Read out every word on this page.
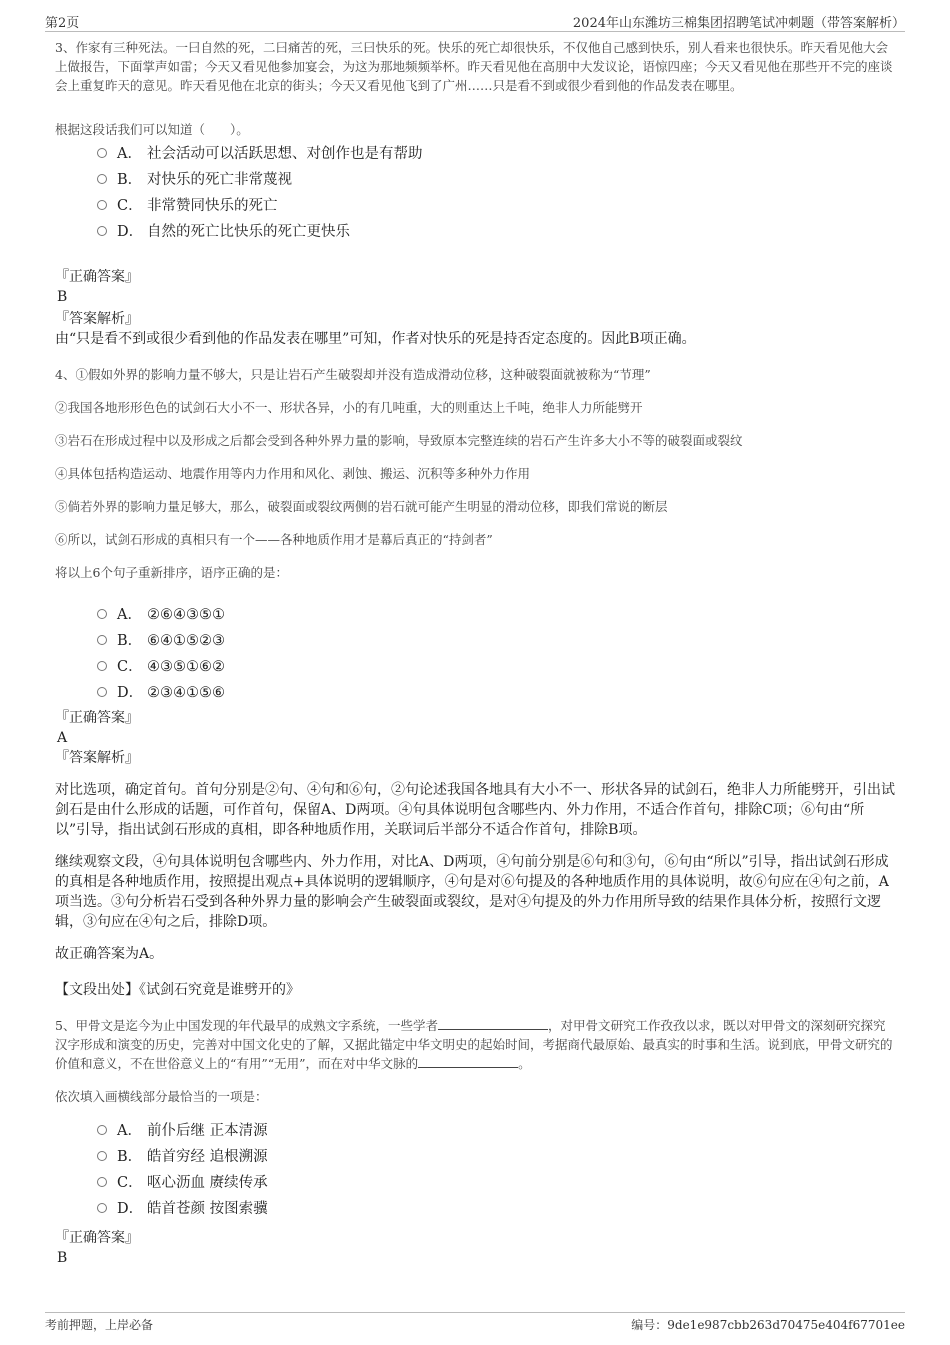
第2页	2024年山东潍坊三棉集团招聘笔试冲刺题（带答案解析）

3、作家有三种死法。一曰自然的死，二曰痛苦的死，三曰快乐的死。快乐的死亡却很快乐，不仅他自己感到快乐，别人看来也很快乐。昨天看见他大会上做报告，下面掌声如雷；今天又看见他参加宴会，为这为那地频频举杯。昨天看见他在高朋中大发议论，语惊四座；今天又看见他在那些开不完的座谈会上重复昨天的意见。昨天看见他在北京的街头；今天又看见他飞到了广州……只是看不到或很少看到他的作品发表在哪里。

根据这段话我们可以知道（　　）。

A． 社会活动可以活跃思想、对创作也是有帮助
B． 对快乐的死亡非常蔑视
C． 非常赞同快乐的死亡
D． 自然的死亡比快乐的死亡更快乐

『正确答案』

B

『答案解析』

由“只是看不到或很少看到他的作品发表在哪里”可知，作者对快乐的死是持否定态度的。因此B项正确。

4、①假如外界的影响力量不够大，只是让岩石产生破裂却并没有造成滑动位移，这种破裂面就被称为“节理”

②我国各地形形色色的试剑石大小不一、形状各异，小的有几吨重，大的则重达上千吨，绝非人力所能劈开

③岩石在形成过程中以及形成之后都会受到各种外界力量的影响，导致原本完整连续的岩石产生许多大小不等的破裂面或裂纹

④具体包括构造运动、地震作用等内力作用和风化、剥蚀、搬运、沉积等多种外力作用

⑤倘若外界的影响力量足够大，那么，破裂面或裂纹两侧的岩石就可能产生明显的滑动位移，即我们常说的断层

⑥所以，试剑石形成的真相只有一个——各种地质作用才是幕后真正的“持剑者”

将以上6个句子重新排序，语序正确的是：

A． ②⑥④③⑤①
B． ⑥④①⑤②③
C． ④③⑤①⑥②
D． ②③④①⑤⑥

『正确答案』

A

『答案解析』

对比选项，确定首句。首句分别是②句、④句和⑥句，②句论述我国各地具有大小不一、形状各异的试剑石，绝非人力所能劈开，引出试剑石是由什么形成的话题，可作首句，保留A、D两项。④句具体说明包含哪些内、外力作用，不适合作首句，排除C项；⑥句由“所以”引导，指出试剑石形成的真相，即各种地质作用，关联词后半部分不适合作首句，排除B项。

继续观察文段，④句具体说明包含哪些内、外力作用，对比A、D两项，④句前分别是⑥句和③句，⑥句由“所以”引导，指出试剑石形成的真相是各种地质作用，按照提出观点+具体说明的逻辑顺序，④句是对⑥句提及的各种地质作用的具体说明，故⑥句应在④句之前，A项当选。③句分析岩石受到各种外界力量的影响会产生破裂面或裂纹，是对④句提及的外力作用所导致的结果作具体分析，按照行文逻辑，③句应在④句之后，排除D项。

故正确答案为A。

【文段出处】《试剑石究竟是谁劈开的》

5、甲骨文是迄今为止中国发现的年代最早的成熟文字系统，一些学者	，对甲骨文研究工作孜孜以求，既以对甲骨文的深刻研究探究汉字形成和演变的历史，完善对中国文化史的了解，又据此锚定中华文明史的起始时间，考据商代最原始、最真实的时事和生活。说到底，甲骨文研究的价值和意义，不在世俗意义上的“有用”“无用”，而在对中华文脉的	。

依次填入画横线部分最恰当的一项是：

A． 前仆后继 正本清源
B． 皓首穷经 追根溯源
C． 呕心沥血 赓续传承
D． 皓首苍颜 按图索骥

『正确答案』

B

考前押题，上岸必备	编号：9de1e987cbb263d70475e404f67701ee
